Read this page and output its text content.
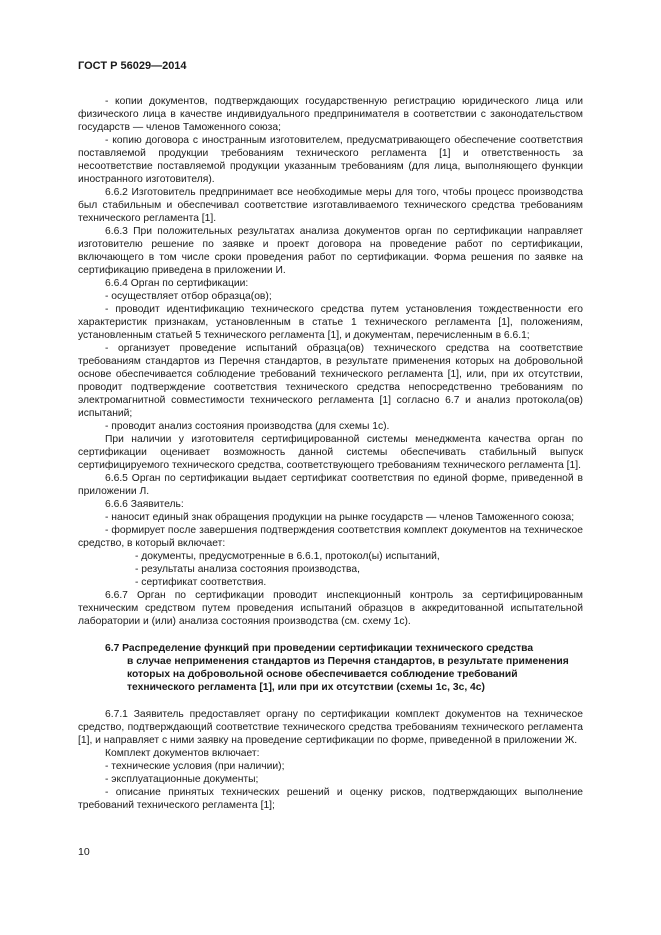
ГОСТ Р 56029—2014

- копии документов, подтверждающих государственную регистрацию юридического лица или физического лица в качестве индивидуального предпринимателя в соответствии с законодательством государств — членов Таможенного союза;

- копию договора с иностранным изготовителем, предусматривающего обеспечение соответствия поставляемой продукции требованиям технического регламента [1] и ответственность за несоответствие поставляемой продукции указанным требованиям (для лица, выполняющего функции иностранного изготовителя).

6.6.2 Изготовитель предпринимает все необходимые меры для того, чтобы процесс производства был стабильным и обеспечивал соответствие изготавливаемого технического средства требованиям технического регламента [1].

6.6.3 При положительных результатах анализа документов орган по сертификации направляет изготовителю решение по заявке и проект договора на проведение работ по сертификации, включающего в том числе сроки проведения работ по сертификации. Форма решения по заявке на сертификацию приведена в приложении И.

6.6.4 Орган по сертификации:

- осуществляет отбор образца(ов);

- проводит идентификацию технического средства путем установления тождественности его характеристик признакам, установленным в статье 1 технического регламента [1], положениям, установленным статьей 5 технического регламента [1], и документам, перечисленным в 6.6.1;

- организует проведение испытаний образца(ов) технического средства на соответствие требованиям стандартов из Перечня стандартов, в результате применения которых на добровольной основе обеспечивается соблюдение требований технического регламента [1], или, при их отсутствии, проводит подтверждение соответствия технического средства непосредственно требованиям по электромагнитной совместимости технического регламента [1] согласно 6.7 и анализ протокола(ов) испытаний;

- проводит анализ состояния производства (для схемы 1с).

При наличии у изготовителя сертифицированной системы менеджмента качества орган по сертификации оценивает возможность данной системы обеспечивать стабильный выпуск сертифицируемого технического средства, соответствующего требованиям технического регламента [1].

6.6.5 Орган по сертификации выдает сертификат соответствия по единой форме, приведенной в приложении Л.

6.6.6 Заявитель:

- наносит единый знак обращения продукции на рынке государств — членов Таможенного союза;

- формирует после завершения подтверждения соответствия комплект документов на техническое средство, в который включает:

- документы, предусмотренные в 6.6.1, протокол(ы) испытаний,

- результаты анализа состояния производства,

- сертификат соответствия.

6.6.7 Орган по сертификации проводит инспекционный контроль за сертифицированным техническим средством путем проведения испытаний образцов в аккредитованной испытательной лаборатории и (или) анализа состояния производства (см. схему 1с).

6.7 Распределение функций при проведении сертификации технического средства
в случае неприменения стандартов из Перечня стандартов, в результате применения которых на добровольной основе обеспечивается соблюдение требований технического регламента [1], или при их отсутствии (схемы 1с, 3с, 4с)

6.7.1 Заявитель предоставляет органу по сертификации комплект документов на техническое средство, подтверждающий соответствие технического средства требованиям технического регламента [1], и направляет с ними заявку на проведение сертификации по форме, приведенной в приложении Ж.

Комплект документов включает:

- технические условия (при наличии);

- эксплуатационные документы;

- описание принятых технических решений и оценку рисков, подтверждающих выполнение требований технического регламента [1];

10
